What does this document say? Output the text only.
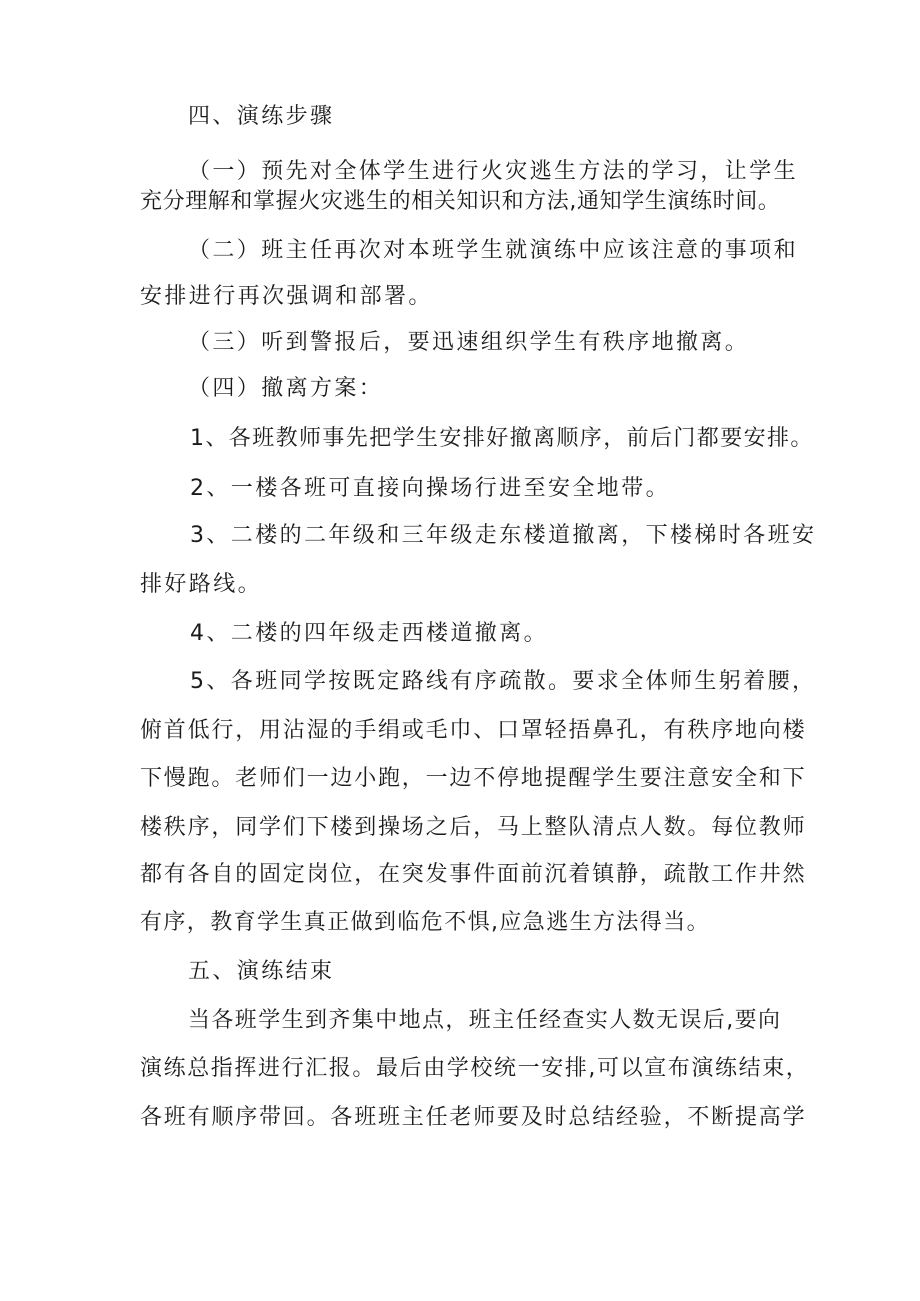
四、演练步骤
（一）预先对全体学生进行火灾逃生方法的学习，让学生
充分理解和掌握火灾逃生的相关知识和方法,通知学生演练时间。
（二）班主任再次对本班学生就演练中应该注意的事项和
安排进行再次强调和部署。
（三）听到警报后，要迅速组织学生有秩序地撤离。
（四）撤离方案：
1、各班教师事先把学生安排好撤离顺序，前后门都要安排。
2、一楼各班可直接向操场行进至安全地带。
3、二楼的二年级和三年级走东楼道撤离，下楼梯时各班安
排好路线。
4、二楼的四年级走西楼道撤离。
5、各班同学按既定路线有序疏散。要求全体师生躬着腰，
俯首低行，用沾湿的手绢或毛巾、口罩轻捂鼻孔，有秩序地向楼
下慢跑。老师们一边小跑，一边不停地提醒学生要注意安全和下
楼秩序，同学们下楼到操场之后，马上整队清点人数。每位教师
都有各自的固定岗位，在突发事件面前沉着镇静，疏散工作井然
有序，教育学生真正做到临危不惧,应急逃生方法得当。
五、演练结束
当各班学生到齐集中地点，班主任经查实人数无误后,要向
演练总指挥进行汇报。最后由学校统一安排,可以宣布演练结束，
各班有顺序带回。各班班主任老师要及时总结经验，不断提高学
